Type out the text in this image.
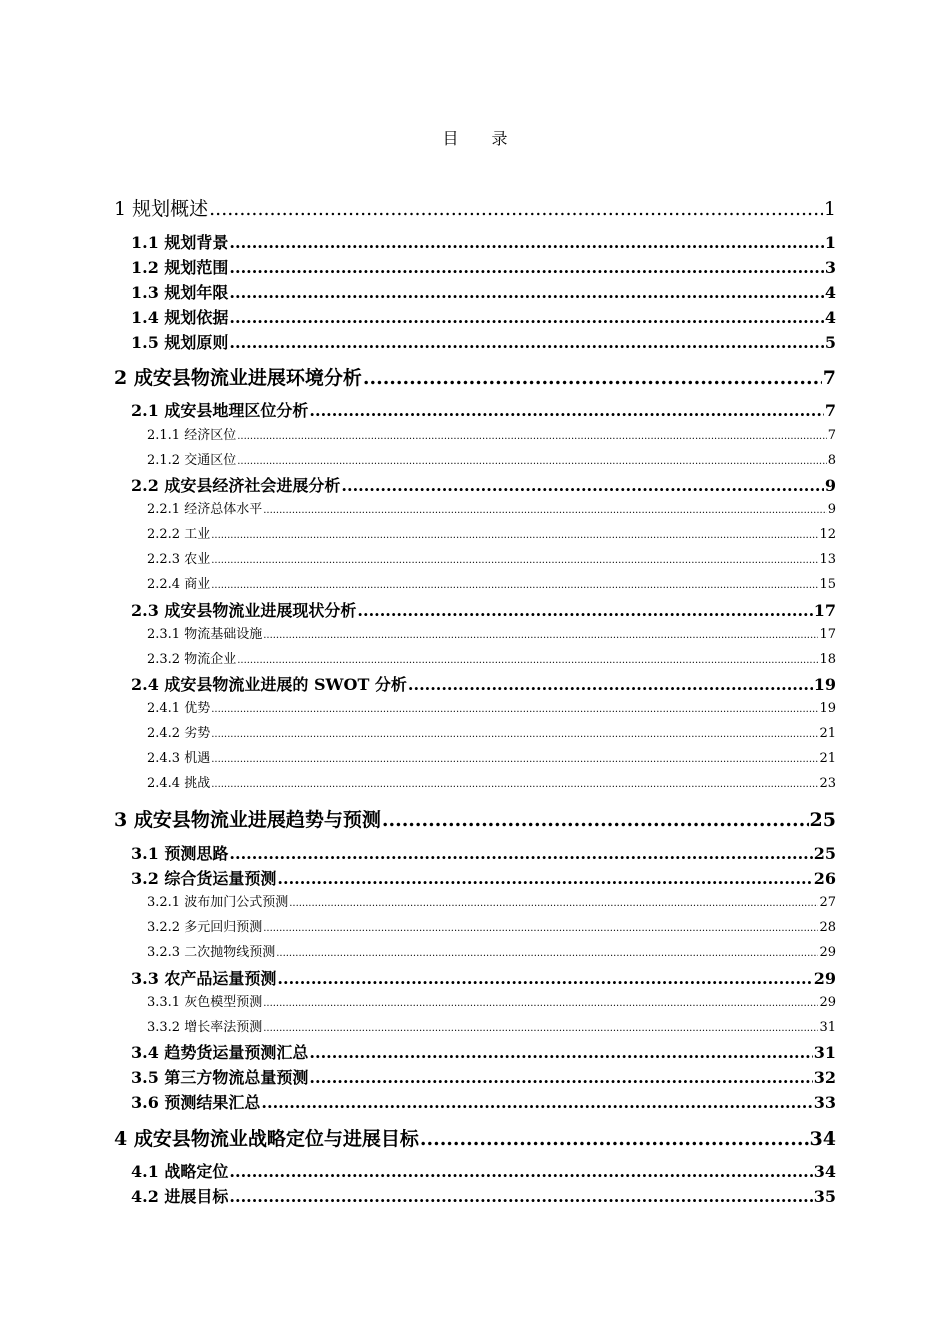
目 录
1 规划概述 .....	1
1.1 规划背景 .....	1
1.2 规划范围 .....	3
1.3 规划年限 .....	4
1.4 规划依据 .....	4
1.5 规划原则 .....	5
2 成安县物流业进展环境分析 .....	7
2.1 成安县地理区位分析 .....	7
2.1.1 经济区位 .....	7
2.1.2 交通区位 .....	8
2.2 成安县经济社会进展分析 .....	9
2.2.1 经济总体水平 .....	9
2.2.2 工业 .....	12
2.2.3 农业 .....	13
2.2.4 商业 .....	15
2.3 成安县物流业进展现状分析 .....	17
2.3.1 物流基础设施 .....	17
2.3.2 物流企业 .....	18
2.4 成安县物流业进展的 SWOT 分析 .....	19
2.4.1 优势 .....	19
2.4.2 劣势 .....	21
2.4.3 机遇 .....	21
2.4.4 挑战 .....	23
3 成安县物流业进展趋势与预测 .....	25
3.1 预测思路 .....	25
3.2 综合货运量预测 .....	26
3.2.1 波布加门公式预测 .....	27
3.2.2 多元回归预测 .....	28
3.2.3 二次抛物线预测 .....	29
3.3 农产品运量预测 .....	29
3.3.1 灰色模型预测 .....	29
3.3.2 增长率法预测 .....	31
3.4 趋势货运量预测汇总 .....	31
3.5 第三方物流总量预测 .....	32
3.6 预测结果汇总 .....	33
4 成安县物流业战略定位与进展目标 .....	34
4.1 战略定位 .....	34
4.2 进展目标 .....	35
